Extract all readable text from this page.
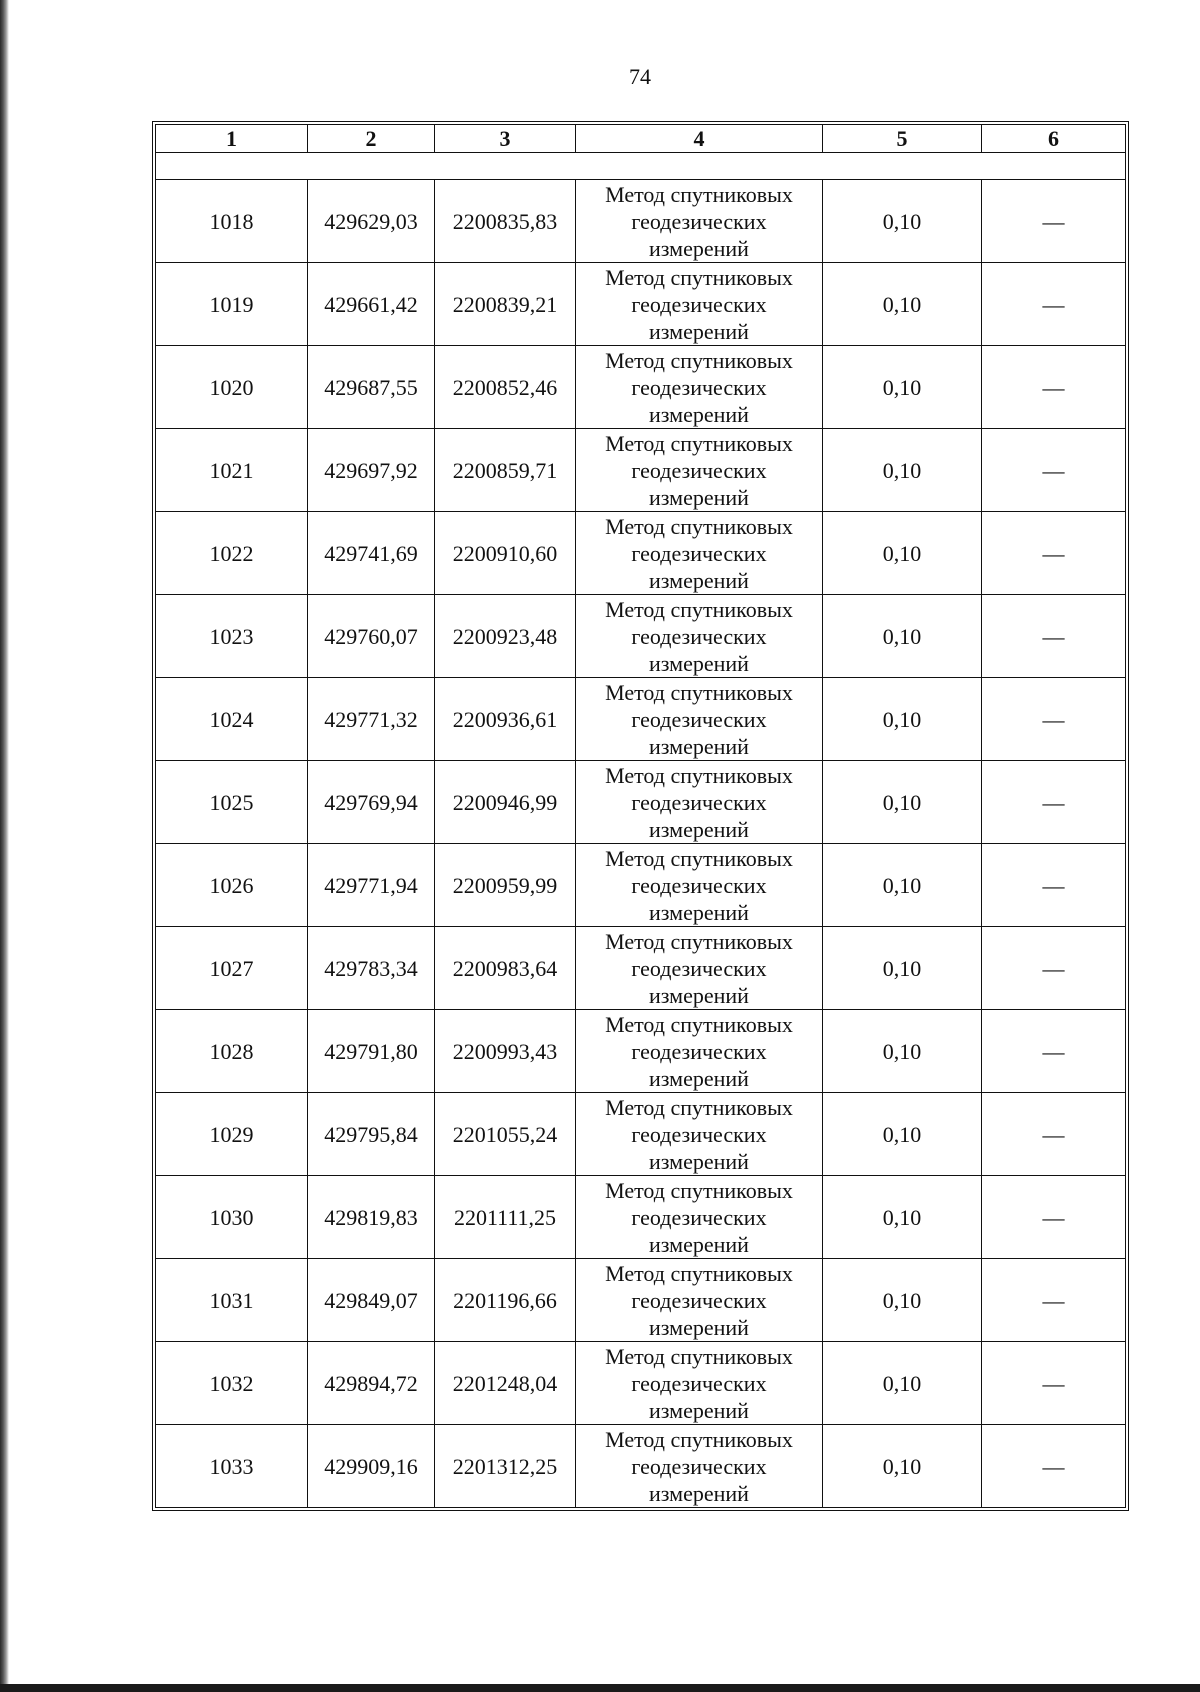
74
1	2	3	4	5	6

1018	429629,03	2200835,83	Метод спутниковых
геодезических
измерений	0,10	—
1019	429661,42	2200839,21	Метод спутниковых
геодезических
измерений	0,10	—
1020	429687,55	2200852,46	Метод спутниковых
геодезических
измерений	0,10	—
1021	429697,92	2200859,71	Метод спутниковых
геодезических
измерений	0,10	—
1022	429741,69	2200910,60	Метод спутниковых
геодезических
измерений	0,10	—
1023	429760,07	2200923,48	Метод спутниковых
геодезических
измерений	0,10	—
1024	429771,32	2200936,61	Метод спутниковых
геодезических
измерений	0,10	—
1025	429769,94	2200946,99	Метод спутниковых
геодезических
измерений	0,10	—
1026	429771,94	2200959,99	Метод спутниковых
геодезических
измерений	0,10	—
1027	429783,34	2200983,64	Метод спутниковых
геодезических
измерений	0,10	—
1028	429791,80	2200993,43	Метод спутниковых
геодезических
измерений	0,10	—
1029	429795,84	2201055,24	Метод спутниковых
геодезических
измерений	0,10	—
1030	429819,83	2201111,25	Метод спутниковых
геодезических
измерений	0,10	—
1031	429849,07	2201196,66	Метод спутниковых
геодезических
измерений	0,10	—
1032	429894,72	2201248,04	Метод спутниковых
геодезических
измерений	0,10	—
1033	429909,16	2201312,25	Метод спутниковых
геодезических
измерений	0,10	—
